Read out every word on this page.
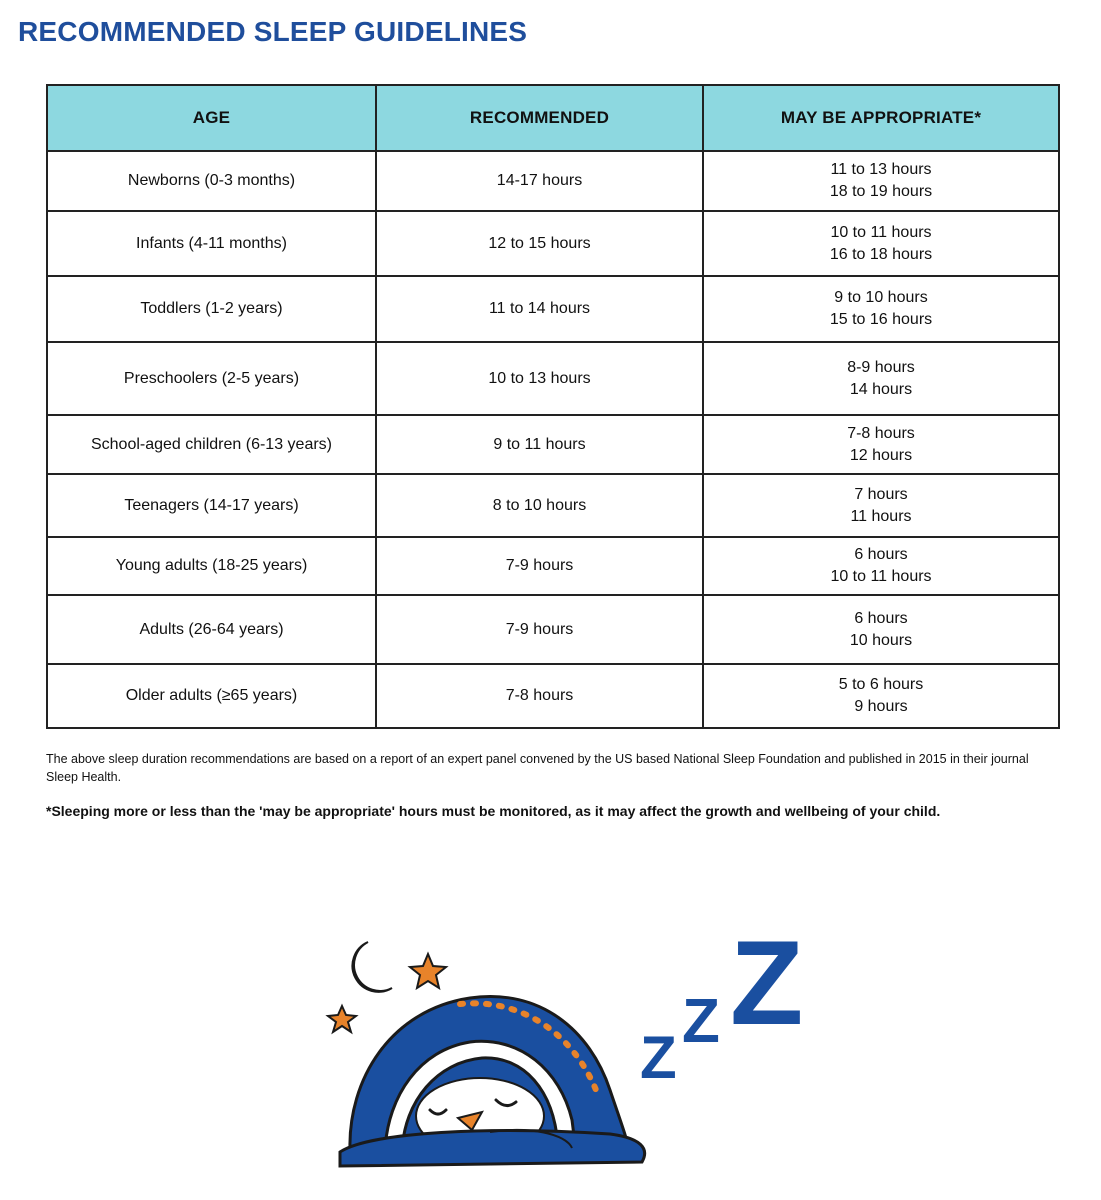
RECOMMENDED SLEEP GUIDELINES
AGE	RECOMMENDED	MAY BE APPROPRIATE*
Newborns (0-3 months)	14-17 hours	11 to 13 hours
18 to 19 hours

Infants (4-11 months)	12 to 15 hours	10 to 11 hours
16 to 18 hours

Toddlers (1-2 years)	11 to 14 hours	9 to 10 hours
15 to 16 hours

Preschoolers (2-5 years)	10 to 13 hours	8-9 hours
14 hours

School-aged children (6-13 years)	9 to 11 hours	7-8 hours
12 hours

Teenagers (14-17 years)	8 to 10 hours	7 hours
11 hours

Young adults (18-25 years)	7-9 hours	6 hours
10 to 11 hours

Adults (26-64 years)	7-9 hours	6 hours
10 hours

Older adults (≥65 years)	7-8 hours	5 to 6 hours
9 hours

The above sleep duration recommendations are based on a report of an expert panel convened by the US based National Sleep Foundation and published in 2015 in their journal Sleep Health.

*Sleeping more or less than the 'may be appropriate' hours must be monitored, as it may affect the growth and wellbeing of your child.

Z
Z Z
